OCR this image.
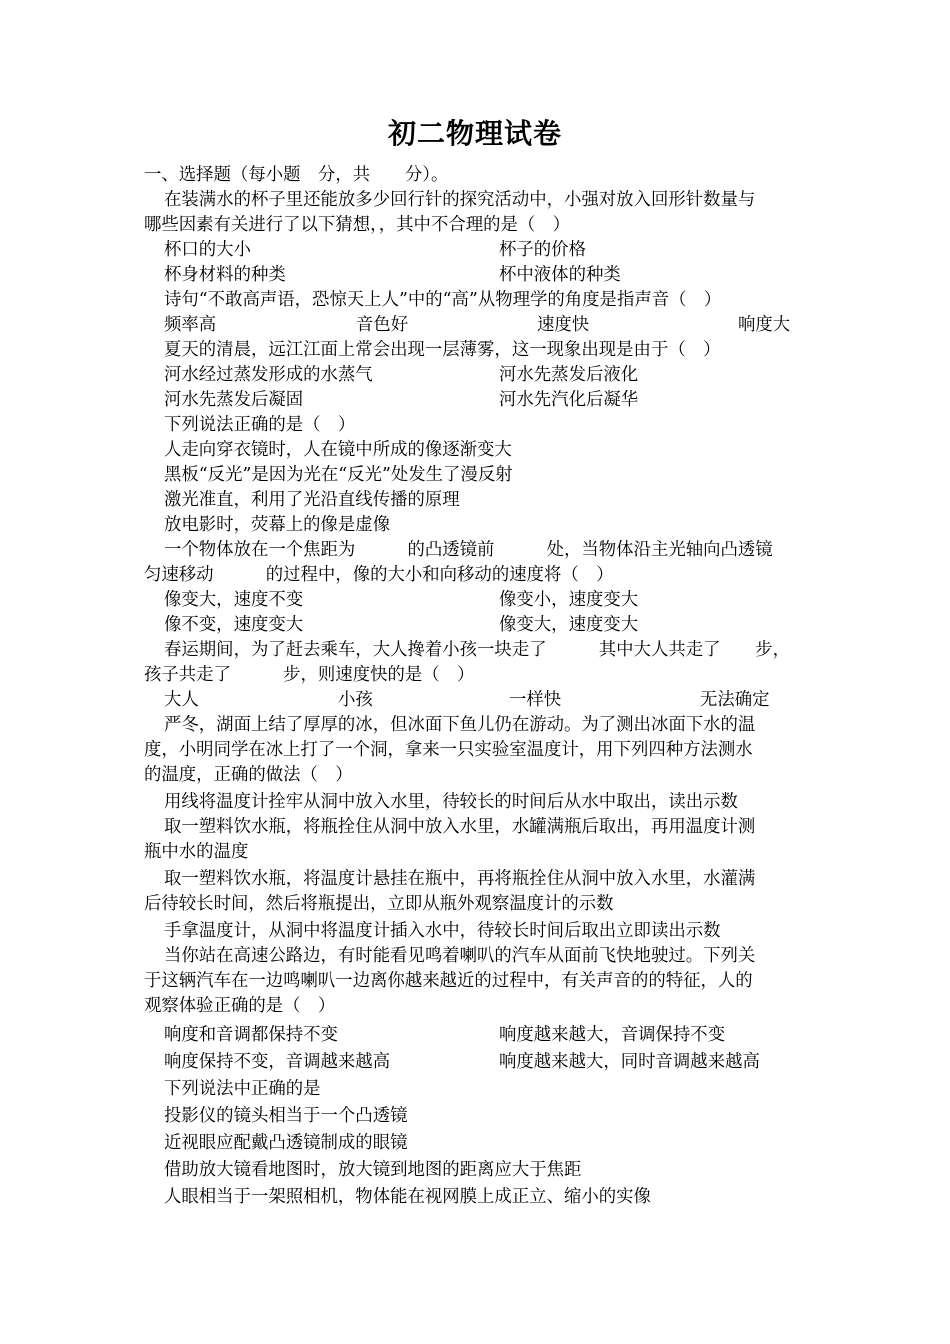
初二物理试卷
一、选择题（每小题　分，共　　分）。
在装满水的杯子里还能放多少回行针的探究活动中，小强对放入回形针数量与
哪些因素有关进行了以下猜想，，其中不合理的是（　）
杯口的大小	杯子的价格
杯身材料的种类	杯中液体的种类
诗句“不敢高声语，恐惊天上人”中的“高”从物理学的角度是指声音（　）
频率高	音色好	速度快	响度大
夏天的清晨，远江江面上常会出现一层薄雾，这一现象出现是由于（　）
河水经过蒸发形成的水蒸气	河水先蒸发后液化
河水先蒸发后凝固	河水先汽化后凝华
下列说法正确的是（　）
人走向穿衣镜时，人在镜中所成的像逐渐变大
黑板“反光”是因为光在“反光”处发生了漫反射
激光准直，利用了光沿直线传播的原理
放电影时，荧幕上的像是虚像
一个物体放在一个焦距为　　　的凸透镜前　　　处，当物体沿主光轴向凸透镜
匀速移动　　　的过程中，像的大小和向移动的速度将（　）
像变大，速度不变	像变小，速度变大
像不变，速度变大	像变大，速度变大
春运期间，为了赶去乘车，大人搀着小孩一块走了　　　其中大人共走了　　步，
孩子共走了　　　步，则速度快的是（　）
大人	小孩	一样快	无法确定
严冬，湖面上结了厚厚的冰，但冰面下鱼儿仍在游动。为了测出冰面下水的温
度，小明同学在冰上打了一个洞，拿来一只实验室温度计，用下列四种方法测水
的温度，正确的做法（　）
用线将温度计拴牢从洞中放入水里，待较长的时间后从水中取出，读出示数
取一塑料饮水瓶，将瓶拴住从洞中放入水里，水罐满瓶后取出，再用温度计测
瓶中水的温度
取一塑料饮水瓶，将温度计悬挂在瓶中，再将瓶拴住从洞中放入水里，水灌满
后待较长时间，然后将瓶提出，立即从瓶外观察温度计的示数
手拿温度计，从洞中将温度计插入水中，待较长时间后取出立即读出示数
当你站在高速公路边，有时能看见鸣着喇叭的汽车从面前飞快地驶过。下列关
于这辆汽车在一边鸣喇叭一边离你越来越近的过程中，有关声音的的特征，人的
观察体验正确的是（　）
响度和音调都保持不变	响度越来越大，音调保持不变
响度保持不变，音调越来越高	响度越来越大，同时音调越来越高
下列说法中正确的是
投影仪的镜头相当于一个凸透镜
近视眼应配戴凸透镜制成的眼镜
借助放大镜看地图时，放大镜到地图的距离应大于焦距
人眼相当于一架照相机，物体能在视网膜上成正立、缩小的实像
